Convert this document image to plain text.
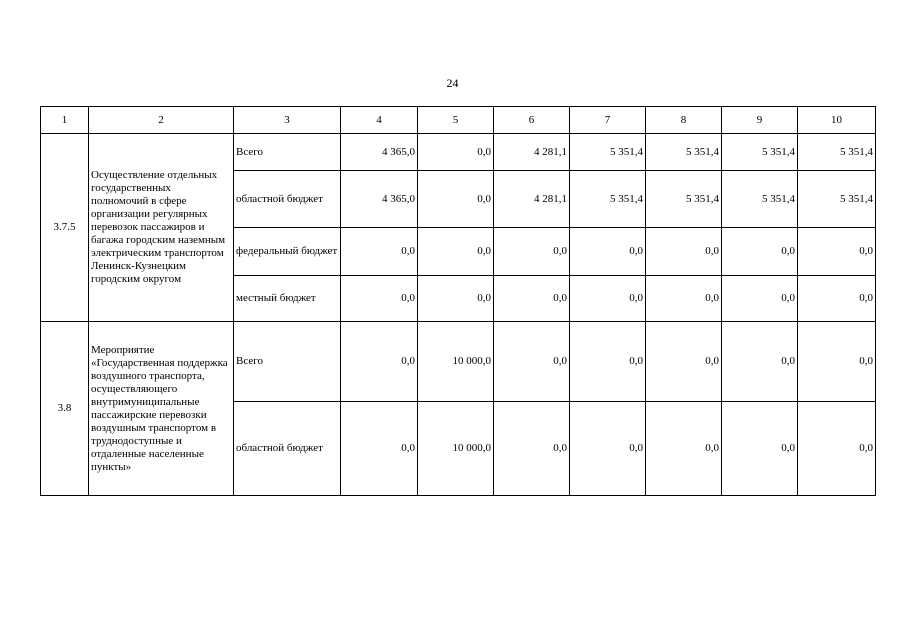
24
1	2	3	4	5	6	7	8	9	10
3.7.5	Осуществление отдельных государственных полномочий в сфере организации регулярных перевозок пассажиров и багажа городским наземным электрическим транспортом Ленинск-Кузнецким городским округом	Всего	4 365,0	0,0	4 281,1	5 351,4	5 351,4	5 351,4	5 351,4
		областной бюджет	4 365,0	0,0	4 281,1	5 351,4	5 351,4	5 351,4	5 351,4
		федеральный бюджет	0,0	0,0	0,0	0,0	0,0	0,0	0,0
		местный бюджет	0,0	0,0	0,0	0,0	0,0	0,0	0,0
3.8	Мероприятие «Государственная поддержка воздушного транспорта, осуществляющего внутримуниципальные пассажирские перевозки воздушным транспортом в труднодоступные и отдаленные населенные пункты»	Всего	0,0	10 000,0	0,0	0,0	0,0	0,0	0,0
		областной бюджет	0,0	10 000,0	0,0	0,0	0,0	0,0	0,0
